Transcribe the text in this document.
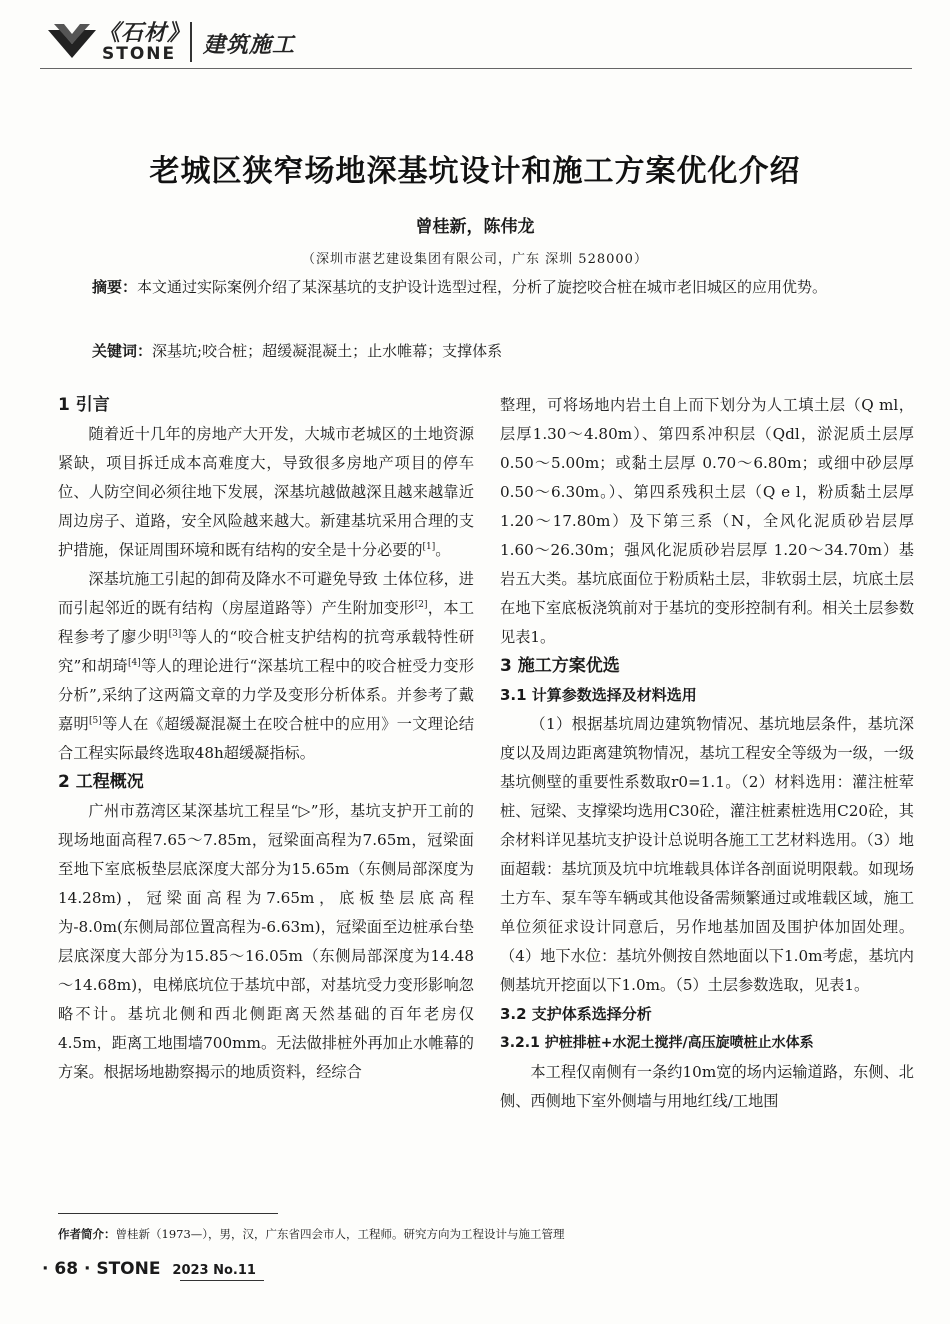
《石材》
STONE 建筑施工
老城区狭窄场地深基坑设计和施工方案优化介绍
曾桂新，陈伟龙
（深圳市湛艺建设集团有限公司，广东 深圳 528000）
摘要：本文通过实际案例介绍了某深基坑的支护设计选型过程，分析了旋挖咬合桩在城市老旧城区的应用优势。
关键词：深基坑;咬合桩；超缓凝混凝土；止水帷幕；支撑体系
1 引言

随着近十几年的房地产大开发，大城市老城区的土地资源紧缺，项目拆迁成本高难度大，导致很多房地产项目的停车位、人防空间必须往地下发展，深基坑越做越深且越来越靠近周边房子、道路，安全风险越来越大。新建基坑采用合理的支护措施，保证周围环境和既有结构的安全是十分必要的[1]。

深基坑施工引起的卸荷及降水不可避免导致 土体位移，进而引起邻近的既有结构（房屋道路等）产生附加变形[2]，本工程参考了廖少明[3]等人的“咬合桩支护结构的抗弯承载特性研究”和胡琦[4]等人的理论进行“深基坑工程中的咬合桩受力变形分析”,采纳了这两篇文章的力学及变形分析体系。并参考了戴嘉明[5]等人在《超缓凝混凝土在咬合桩中的应用》一文理论结合工程实际最终选取48h超缓凝指标。

2 工程概况

广州市荔湾区某深基坑工程呈“▷”形，基坑支护开工前的现场地面高程7.65～7.85m，冠梁面高程为7.65m，冠梁面至地下室底板垫层底深度大部分为15.65m（东侧局部深度为14.28m)，冠梁面高程为7.65m，底板垫层底高程为-8.0m(东侧局部位置高程为-6.63m)，冠梁面至边桩承台垫层底深度大部分为15.85～16.05m（东侧局部深度为14.48～14.68m)，电梯底坑位于基坑中部，对基坑受力变形影响忽略不计。基坑北侧和西北侧距离天然基础的百年老房仅4.5m，距离工地围墙700mm。无法做排桩外再加止水帷幕的方案。根据场地勘察揭示的地质资料，经综合

整理，可将场地内岩土自上而下划分为人工填土层（Q ml，层厚1.30～4.80m）、第四系冲积层（Qdl，淤泥质土层厚 0.50～5.00m；或黏土层厚 0.70～6.80m；或细中砂层厚 0.50～6.30m。）、第四系残积土层（Q e l，粉质黏土层厚 1.20～17.80m）及下第三系（N，全风化泥质砂岩层厚 1.60～26.30m；强风化泥质砂岩层厚 1.20～34.70m）基岩五大类。基坑底面位于粉质粘土层，非软弱土层，坑底土层在地下室底板浇筑前对于基坑的变形控制有利。相关土层参数见表1。

3 施工方案优选
3.1 计算参数选择及材料选用

（1）根据基坑周边建筑物情况、基坑地层条件，基坑深度以及周边距离建筑物情况，基坑工程安全等级为一级，一级基坑侧壁的重要性系数取r0=1.1。（2）材料选用：灌注桩荤桩、冠梁、支撑梁均选用C30砼，灌注桩素桩选用C20砼，其余材料详见基坑支护设计总说明各施工工艺材料选用。（3）地面超载：基坑顶及坑中坑堆载具体详各剖面说明限载。如现场土方车、泵车等车辆或其他设备需频繁通过或堆载区域，施工单位须征求设计同意后，另作地基加固及围护体加固处理。（4）地下水位：基坑外侧按自然地面以下1.0m考虑，基坑内侧基坑开挖面以下1.0m。（5）土层参数选取，见表1。

3.2 支护体系选择分析
3.2.1 护桩排桩+水泥土搅拌/高压旋喷桩止水体系

本工程仅南侧有一条约10m宽的场内运输道路，东侧、北侧、西侧地下室外侧墙与用地红线/工地围

作者简介：曾桂新（1973—），男，汉，广东省四会市人，工程师。研究方向为工程设计与施工管理
· 68 · STONE 2023 No.11
